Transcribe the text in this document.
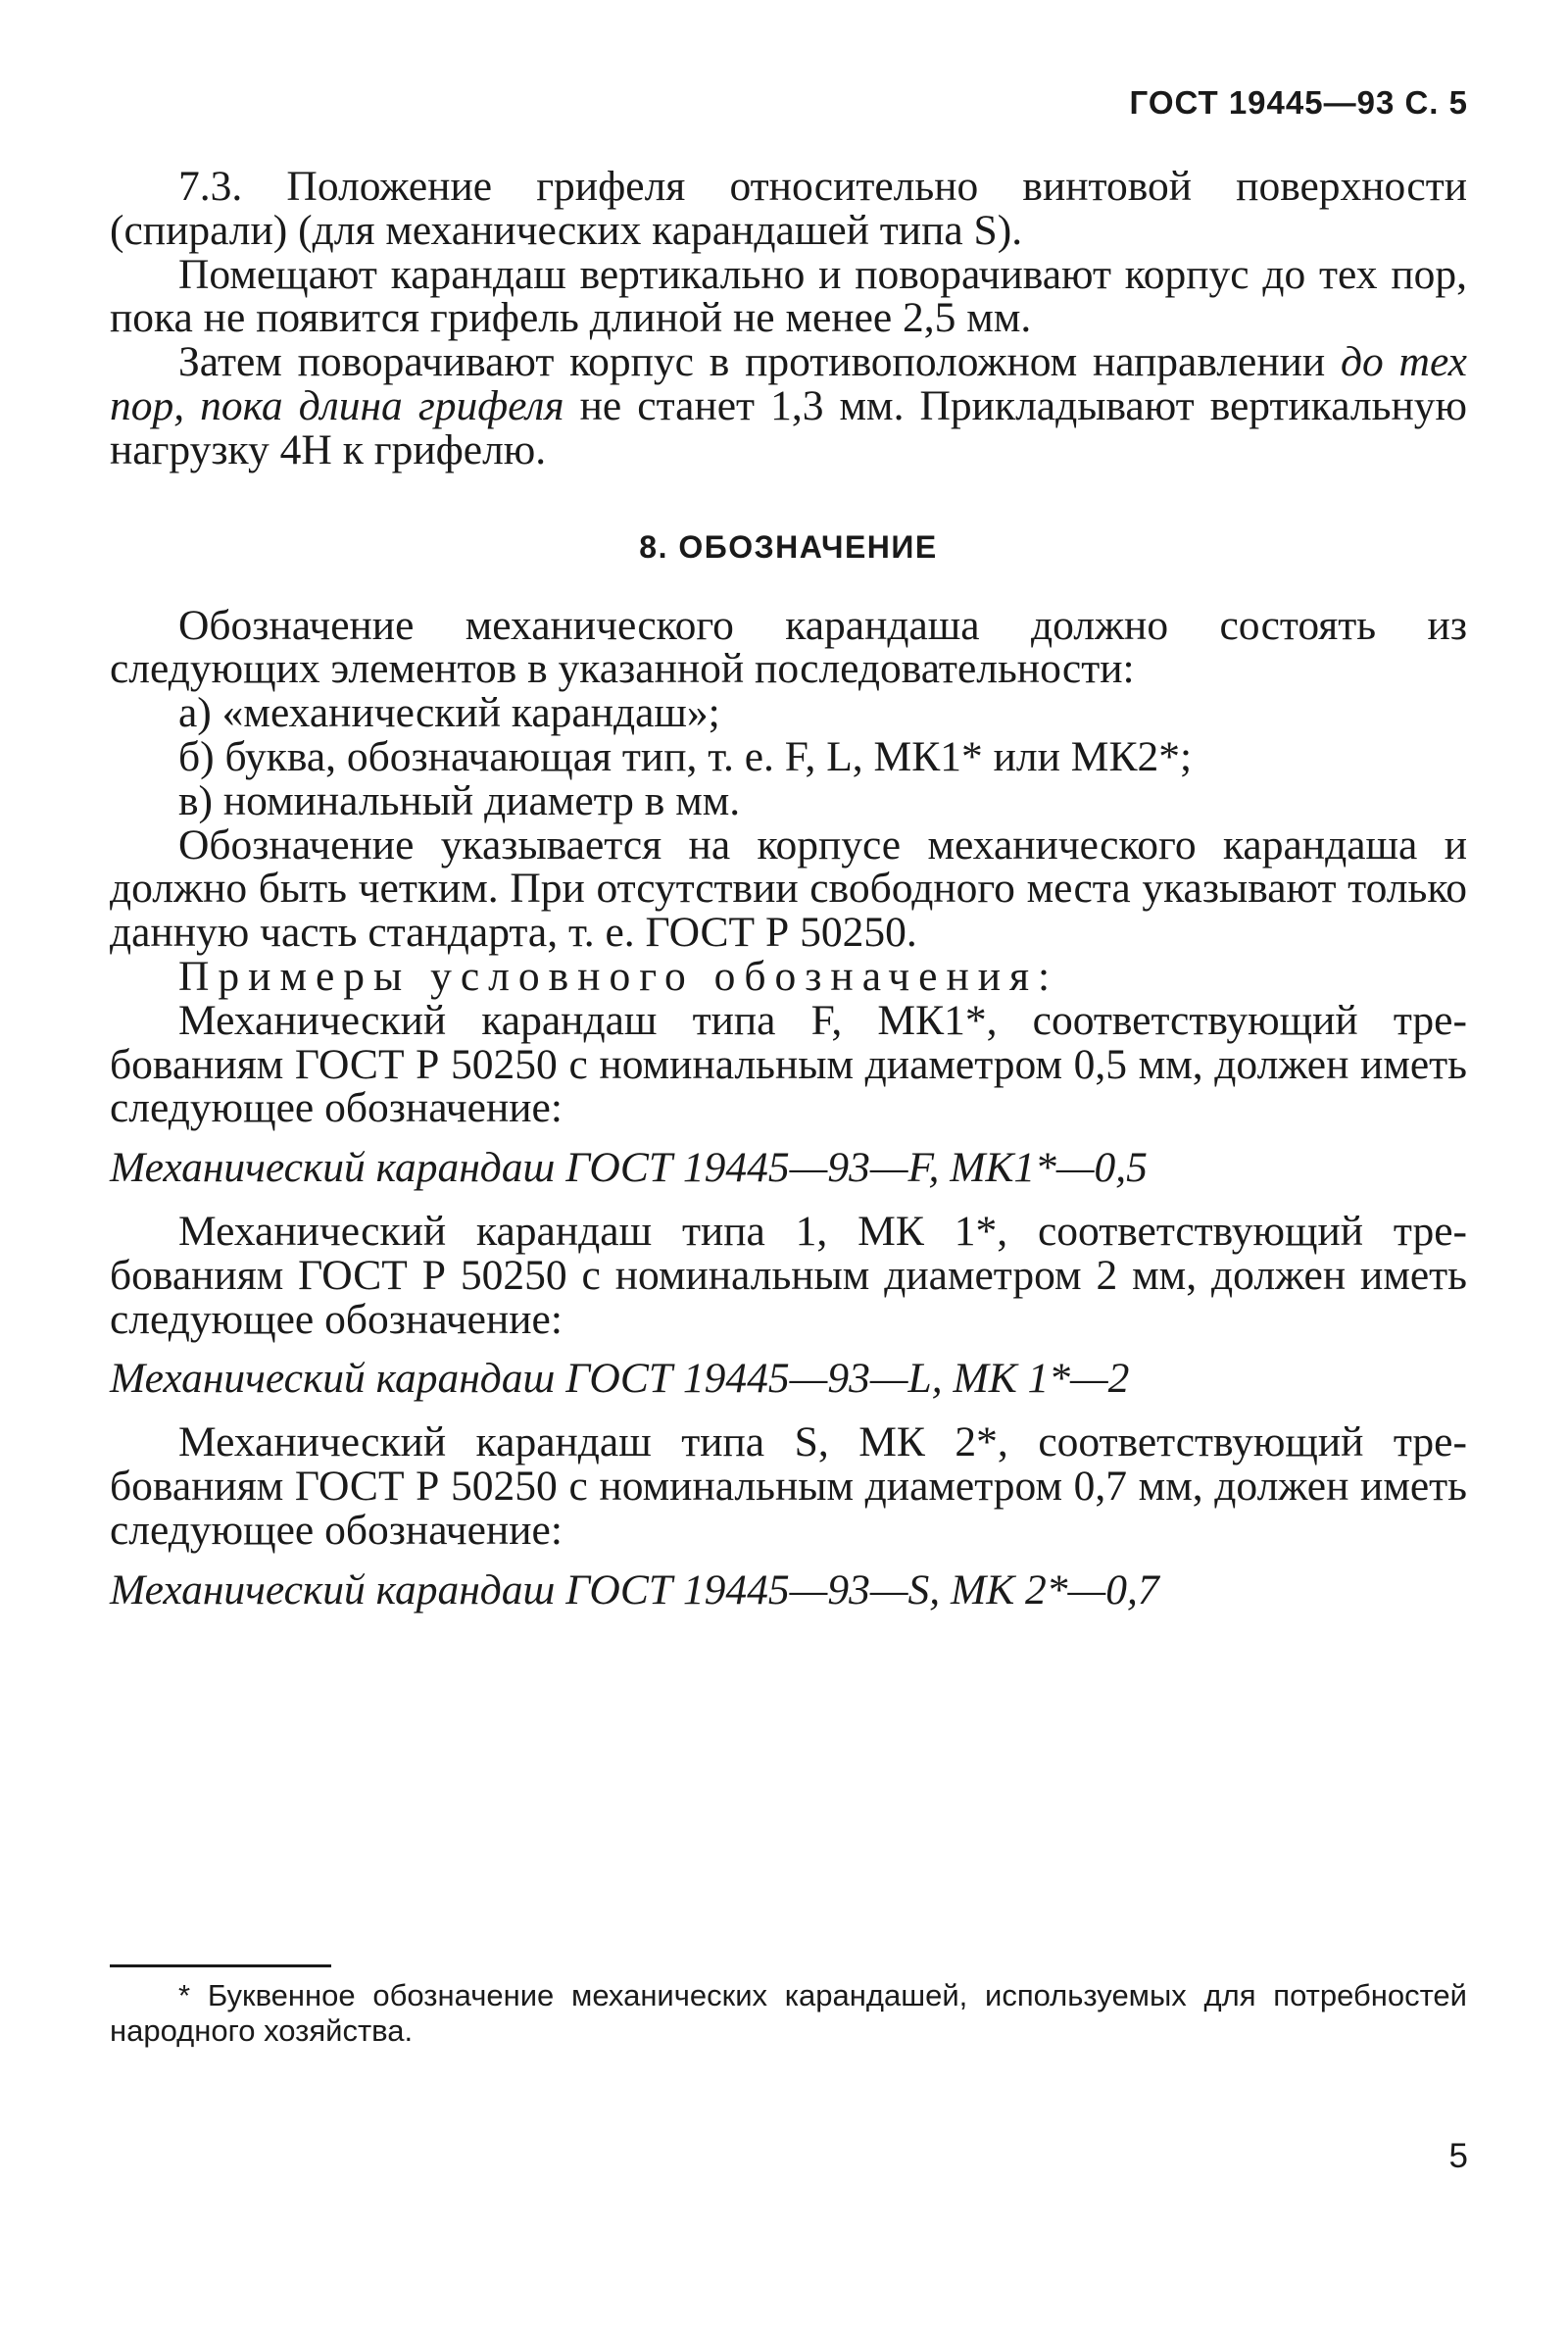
ГОСТ 19445—93 С. 5

7.3. Положение грифеля относительно винтовой поверхности (спирали) (для механических карандашей типа S).

Помещают карандаш вертикально и поворачивают корпус до тех пор, пока не появится грифель длиной не менее 2,5 мм.

Затем поворачивают корпус в противоположном направлении до тех пор, пока длина грифеля не станет 1,3 мм. Прикладывают вертикальную нагрузку 4Н к грифелю.

8. ОБОЗНАЧЕНИЕ

Обозначение механического карандаша должно состоять из следующих элементов в указанной последовательности:

а) «механический карандаш»;

б) буква, обозначающая тип, т. е. F, L, МК1* или МК2*;

в) номинальный диаметр в мм.

Обозначение указывается на корпусе механического карандаша и должно быть четким. При отсутствии свободного места указывают только данную часть стандарта, т. е. ГОСТ Р 50250.

Примеры условного обозначения:

Механический карандаш типа F, МК1*, соответствующий требованиям ГОСТ Р 50250 с номинальным диаметром 0,5 мм, должен иметь следующее обозначение:

Механический карандаш ГОСТ 19445—93—F, МК1*—0,5

Механический карандаш типа 1, МК 1*, соответствующий требованиям ГОСТ Р 50250 с номинальным диаметром 2 мм, должен иметь следующее обозначение:

Механический карандаш ГОСТ 19445—93—L, МК 1*—2

Механический карандаш типа S, МК 2*, соответствующий требованиям ГОСТ Р 50250 с номинальным диаметром 0,7 мм, должен иметь следующее обозначение:

Механический карандаш ГОСТ 19445—93—S, МК 2*—0,7

* Буквенное обозначение механических карандашей, используемых для потребностей народного хозяйства.
5
